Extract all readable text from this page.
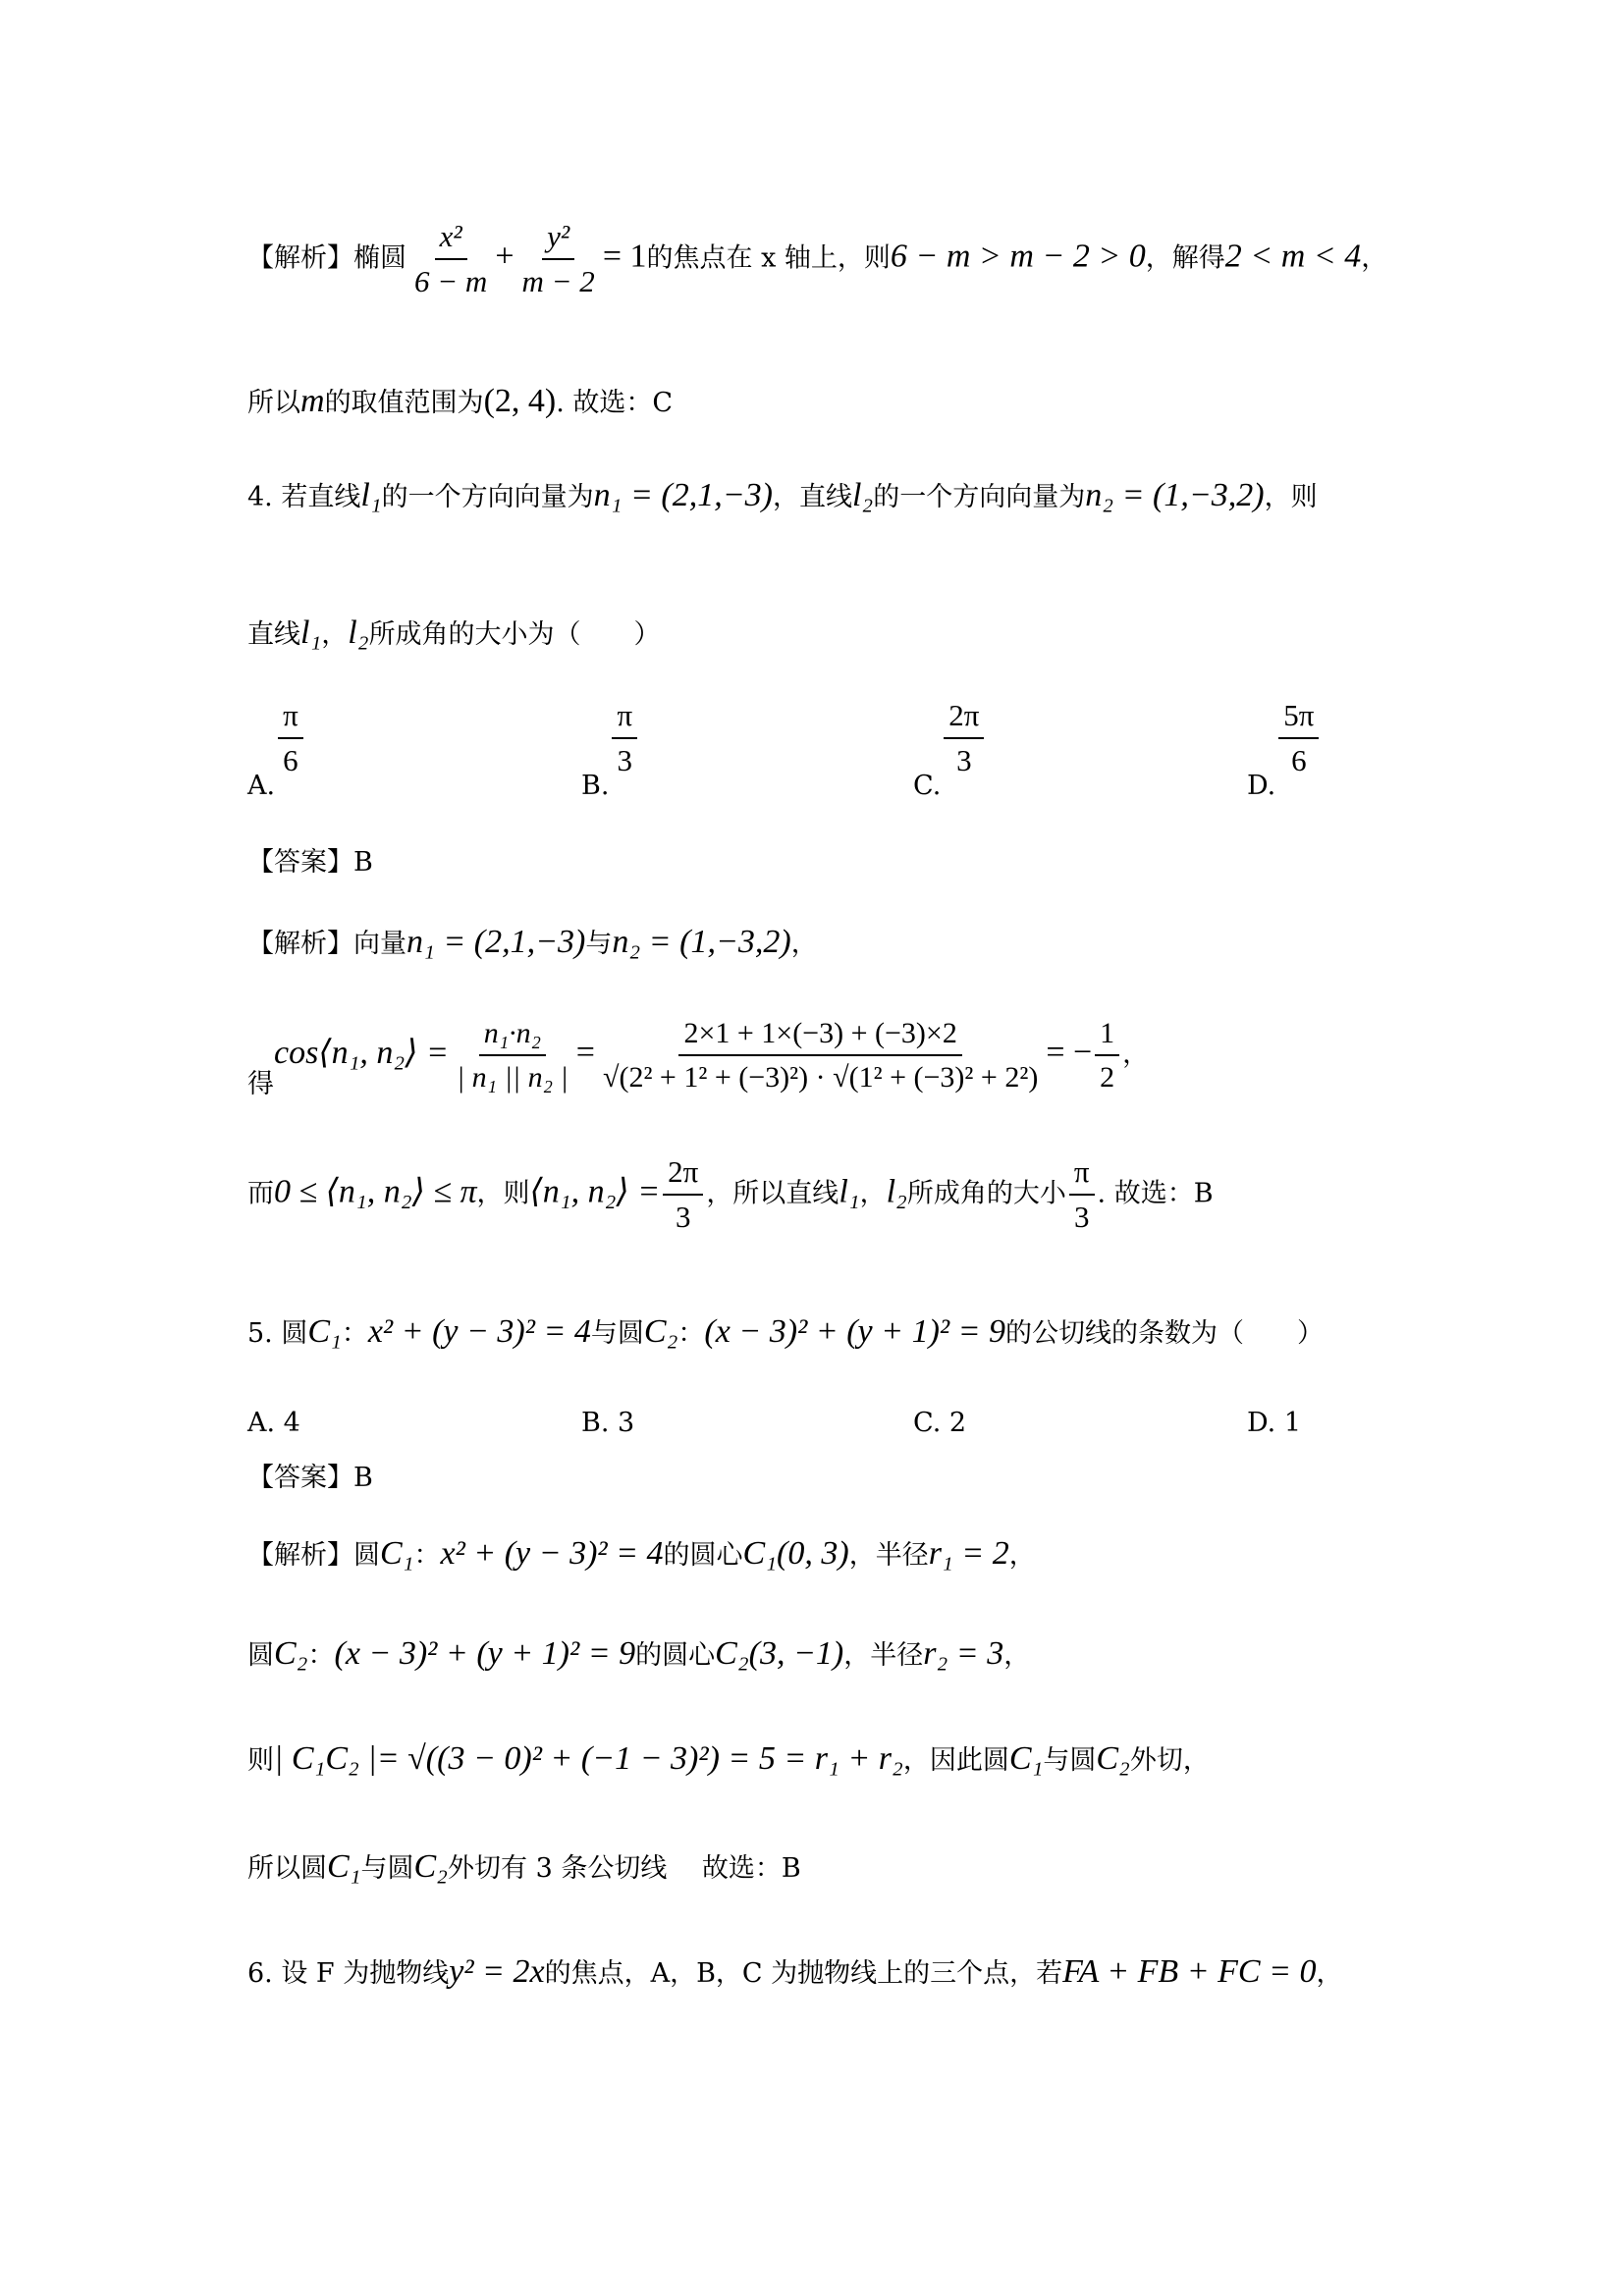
【解析】椭圆 $\frac{\text{x²}}{6 - m} + \frac{\text{y²}}{m - 2} = 1$的焦点在 x 轴上，则6 − m > m − 2 > 0，解得2 < m < 4，
所以m的取值范围为(2, 4). 故选：C
4. 若直线l₁的一个方向向量为n₁ = (2,1,−3)，直线l₂的一个方向向量为n₂ = (1,−3,2)，则
直线l₁，l₂所成角的大小为（　　）
A.
$\frac{\pi}{6}$
B.
$\frac{\pi}{3}$
C.
$\frac{2\pi}{3}$
D.
$\frac{5\pi}{6}$
【答案】B
【解析】向量n₁ = (2,1,−3)与n₂ = (1,−3,2)，
得cos⟨n₁, n₂⟩ = $\frac{\text{n₁·n₂}}{\text{| n₁ || n₂ |}} = \frac{2\times 1 + 1\times(-3) + (-3)\times 2}{\text{√(2² + 1² + (−3)²) · √(1² + (−3)² + 2²)}}$ = − $\frac{1}{2}$ ，
而0 ≤ ⟨n₁, n₂⟩ ≤ π，则⟨n₁, n₂⟩ = $\frac{2\pi}{3}$ ，所以直线l₁，l₂所成角的大小 $\frac{\pi}{3}$ . 故选：B
5. 圆C₁：x² + (y − 3)² = 4与圆C₂：(x − 3)² + (y + 1)² = 9的公切线的条数为（　　）
A. 4	B. 3	C. 2	D. 1
【答案】B
【解析】圆C₁：x² + (y − 3)² = 4的圆心C₁(0, 3)，半径r₁ = 2，
圆C₂：(x − 3)² + (y + 1)² = 9的圆心C₂(3, −1)，半径r₂ = 3，
则| C₁C₂ |= √((3 − 0)² + (−1 − 3)²) = 5 = r₁ + r₂，因此圆C₁与圆C₂外切，
所以圆C₁与圆C₂外切有 3 条公切线　 故选：B
6. 设 F 为抛物线y² = 2x的焦点，A，B，C 为抛物线上的三个点，若FA + FB + FC = 0，
